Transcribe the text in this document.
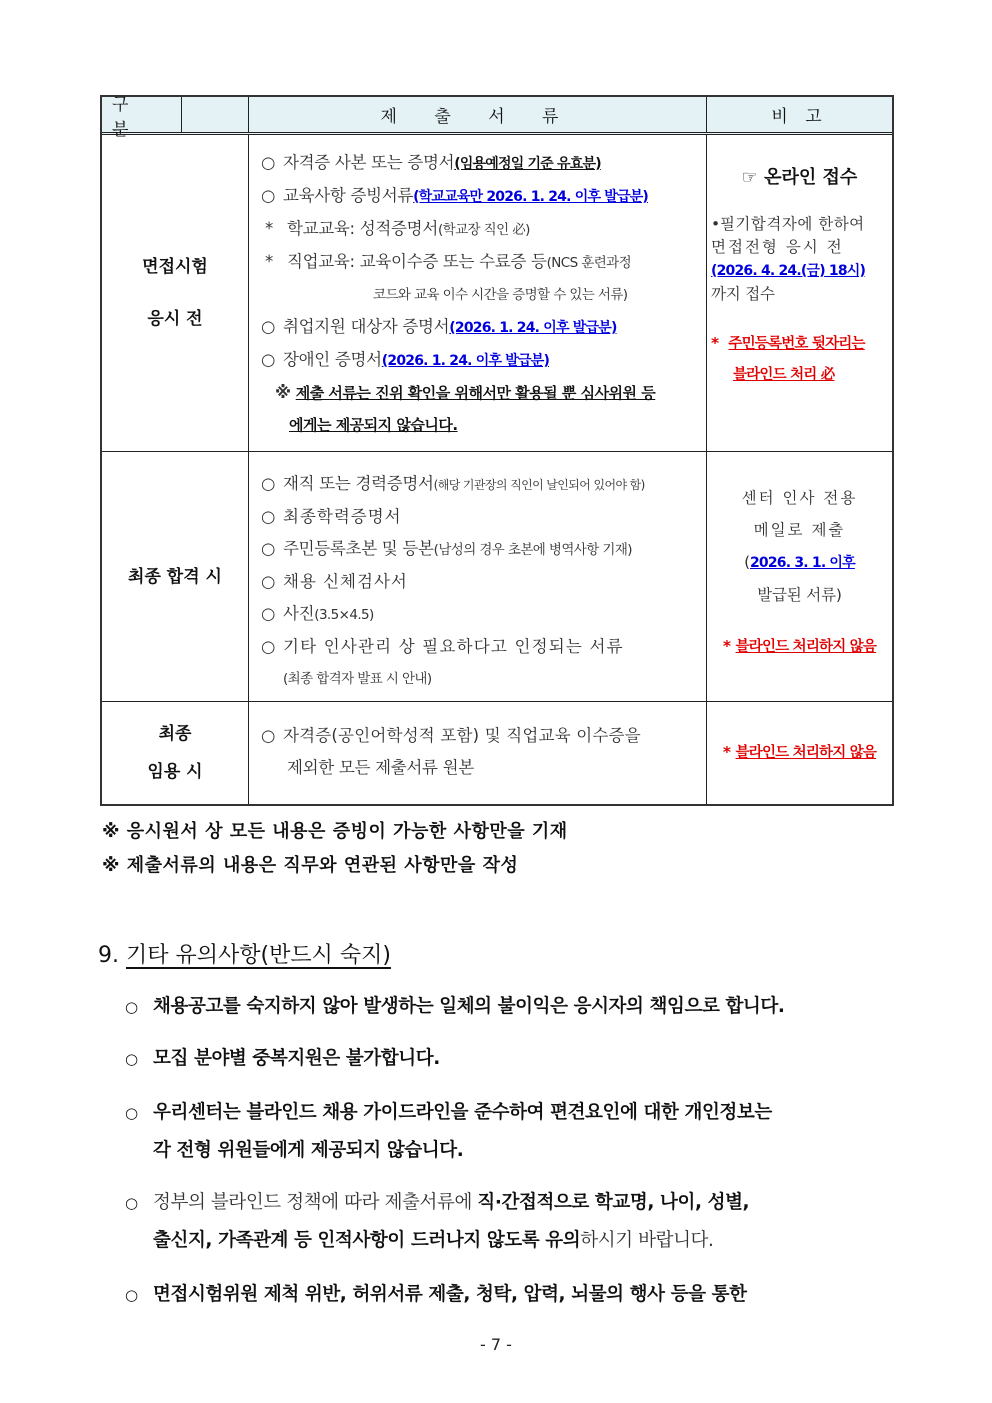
구 분
제 출 서 류	비 고
면접시험
응시 전
○ 자격증 사본 또는 증명서(임용예정일 기준 유효분)
○ 교육사항 증빙서류(학교교육만 2026. 1. 24. 이후 발급분)
* 학교교육: 성적증명서(학교장 직인 必)
* 직업교육: 교육이수증 또는 수료증 등(NCS 훈련과정
코드와 교육 이수 시간을 증명할 수 있는 서류)
○ 취업지원 대상자 증명서(2026. 1. 24. 이후 발급분)
○ 장애인 증명서(2026. 1. 24. 이후 발급분)
※ 제출 서류는 진위 확인을 위해서만 활용될 뿐 심사위원 등
에게는 제공되지 않습니다.
☞ 온라인 접수

•필기합격자에 한하여

면접전형 응시 전

(2026. 4. 24.(금) 18시)

까지 접수

* 주민등록번호 뒷자리는

블라인드 처리 必

최종 합격 시
○ 재직 또는 경력증명서(해당 기관장의 직인이 날인되어 있어야 함)
○ 최종학력증명서
○ 주민등록초본 및 등본(남성의 경우 초본에 병역사항 기재)
○ 채용 신체검사서
○ 사진(3.5×4.5)
○ 기타 인사관리 상 필요하다고 인정되는 서류
(최종 합격자 발표 시 안내)

센터 인사 전용

메일로 제출

(2026. 3. 1. 이후

발급된 서류)

* 블라인드 처리하지 않음

최종
임용 시
○ 자격증(공인어학성적 포함) 및 직업교육 이수증을
제외한 모든 제출서류 원본

* 블라인드 처리하지 않음

※ 응시원서 상 모든 내용은 증빙이 가능한 사항만을 기재
※ 제출서류의 내용은 직무와 연관된 사항만을 작성
9. 기타 유의사항(반드시 숙지)
○ 채용공고를 숙지하지 않아 발생하는 일체의 불이익은 응시자의 책임으로 합니다.
○ 모집 분야별 중복지원은 불가합니다.
○ 우리센터는 블라인드 채용 가이드라인을 준수하여 편견요인에 대한 개인정보는
각 전형 위원들에게 제공되지 않습니다.
○ 정부의 블라인드 정책에 따라 제출서류에 직·간접적으로 학교명, 나이, 성별,
출신지, 가족관계 등 인적사항이 드러나지 않도록 유의하시기 바랍니다.
○ 면접시험위원 제척 위반, 허위서류 제출, 청탁, 압력, 뇌물의 행사 등을 통한
- 7 -
